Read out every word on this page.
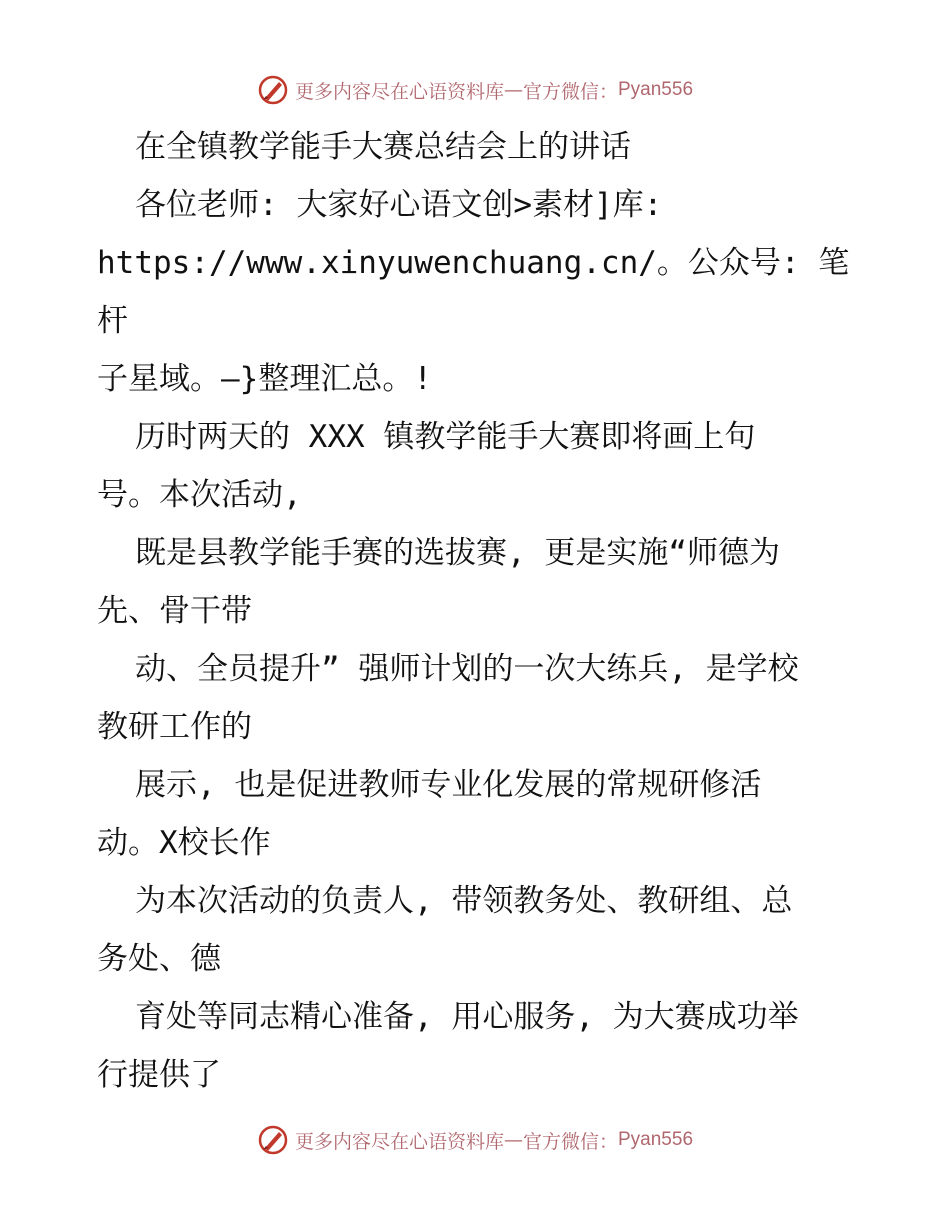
更多内容尽在心语资料库 — 官方微信： Pyan556

在全镇教学能手大赛总结会上的讲话

各位老师: 大家好心语文创>素材]库:

https://www.xinyuwenchuang.cn/。公众号: 笔杆

子星域。—}整理汇总。!

历时两天的 XXX 镇教学能手大赛即将画上句

号。本次活动,

既是县教学能手赛的选拔赛, 更是实施“师德为

先、骨干带

动、全员提升” 强师计划的一次大练兵, 是学校

教研工作的

展示, 也是促进教师专业化发展的常规研修活

动。X校长作

为本次活动的负责人, 带领教务处、教研组、总

务处、德

育处等同志精心准备, 用心服务, 为大赛成功举

行提供了

更多内容尽在心语资料库 — 官方微信： Pyan556
